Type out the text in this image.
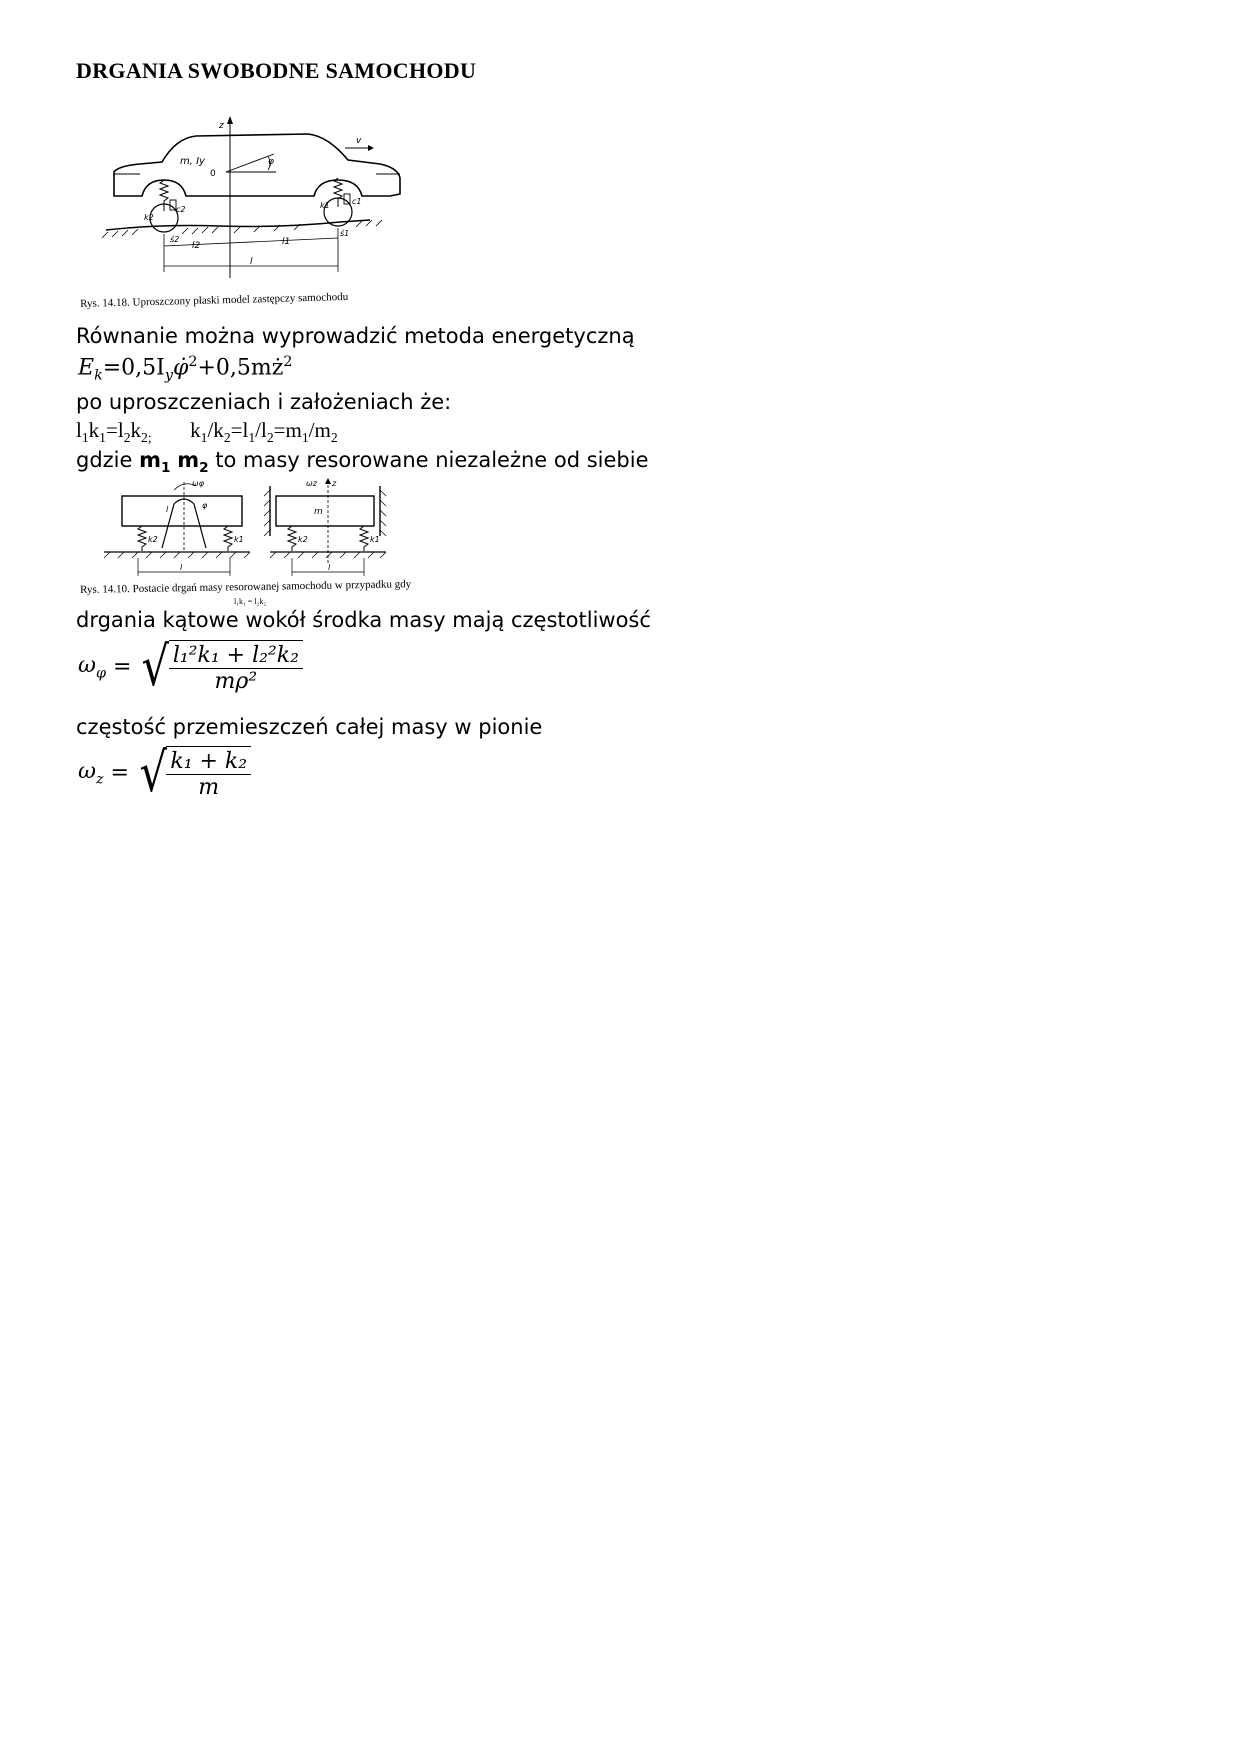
DRGANIA SWOBODNE SAMOCHODU
z
v
m, Iy
0
φ
k2
c2	k1	c1
ś2
ś1
l2	l1
l
Rys. 14.18. Uproszczony płaski model zastępczy samochodu
Równanie można wyprowadzić metoda energetyczną
$E_k=0,5I_y\varphi̇^2+0,5mż^2$
po uproszczeniach i założeniach że:
$l_1k_1=l_2k_{2;}$ $k_1/k_2=l_1/l_2=m_1/m_2$
gdzie $m_1$ $m_2$ to masy resorowane niezależne od siebie
ωφ
φ
l
k2	k1
l
ωz z
m
k2	k1
l
Rys. 14.10. Postacie drgań masy resorowanej samochodu w przypadku gdy
l₁k₁ = l₂k₂
drgania kątowe wokół środka masy mają częstotliwość
$\omega_\varphi$ = √ $\frac{\text{l₁²k₁ + l₂²k₂}}{\text{mρ²}}$
częstość przemieszczeń całej masy w pionie
$\omega_z$ = √ $\frac{\text{k₁ + k₂}}{m}$
